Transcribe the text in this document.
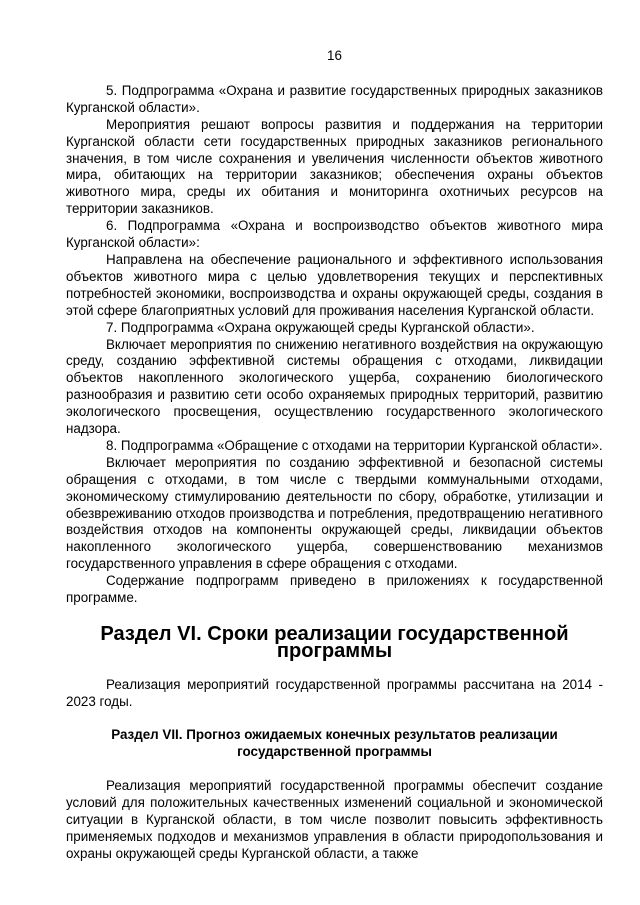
16

5. Подпрограмма «Охрана и развитие государственных природных заказников Курганской области».

Мероприятия решают вопросы развития и поддержания на территории Курганской области сети государственных природных заказников регионального значения, в том числе сохранения и увеличения численности объектов животного мира, обитающих на территории заказников; обеспечения охраны объектов животного мира, среды их обитания и мониторинга охотничьих ресурсов на территории заказников.

6. Подпрограмма «Охрана и воспроизводство объектов животного мира Курганской области»:

Направлена на обеспечение рационального и эффективного использования объектов животного мира с целью удовлетворения текущих и перспективных потребностей экономики, воспроизводства и охраны окружающей среды, создания в этой сфере благоприятных условий для проживания населения Курганской области.

7. Подпрограмма «Охрана окружающей среды Курганской области».

Включает мероприятия по снижению негативного воздействия на окружающую среду, созданию эффективной системы обращения с отходами, ликвидации объектов накопленного экологического ущерба, сохранению биологического разнообразия и развитию сети особо охраняемых природных территорий, развитию экологического просвещения, осуществлению государственного экологического надзора.

8. Подпрограмма «Обращение с отходами на территории Курганской области».

Включает мероприятия по созданию эффективной и безопасной системы обращения с отходами, в том числе с твердыми коммунальными отходами, экономическому стимулированию деятельности по сбору, обработке, утилизации и обезвреживанию отходов производства и потребления, предотвращению негативного воздействия отходов на компоненты окружающей среды, ликвидации объектов накопленного экологического ущерба, совершенствованию механизмов государственного управления в сфере обращения с отходами.

Содержание подпрограмм приведено в приложениях к государственной программе.

Раздел VI. Сроки реализации государственной программы

Реализация мероприятий государственной программы рассчитана на 2014 - 2023 годы.

Раздел VII. Прогноз ожидаемых конечных результатов реализации
государственной программы

Реализация мероприятий государственной программы обеспечит создание условий для положительных качественных изменений социальной и экономической ситуации в Курганской области, в том числе позволит повысить эффективность применяемых подходов и механизмов управления в области природопользования и охраны окружающей среды Курганской области, а также
